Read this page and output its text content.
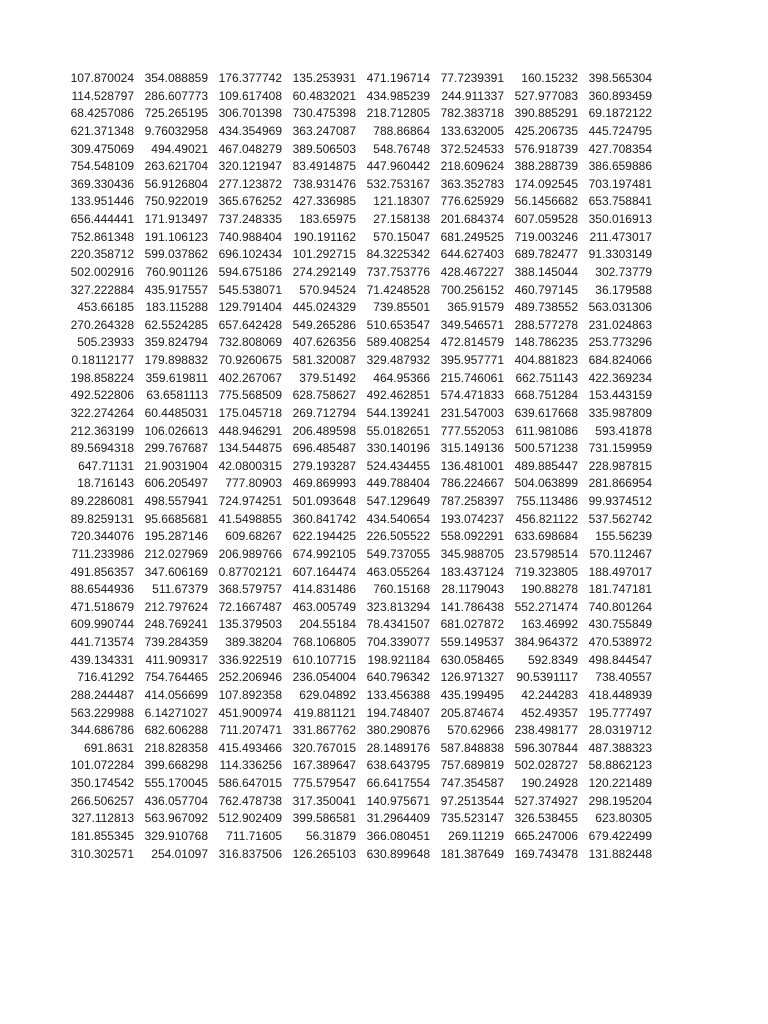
107.870024	354.088859	176.377742	135.253931	471.196714	77.7239391	160.15232	398.565304
114.528797	286.607773	109.617408	60.4832021	434.985239	244.911337	527.977083	360.893459
68.4257086	725.265195	306.701398	730.475398	218.712805	782.383718	390.885291	69.1872122
621.371348	9.76032958	434.354969	363.247087	788.86864	133.632005	425.206735	445.724795
309.475069	494.49021	467.048279	389.506503	548.76748	372.524533	576.918739	427.708354
754.548109	263.621704	320.121947	83.4914875	447.960442	218.609624	388.288739	386.659886
369.330436	56.9126804	277.123872	738.931476	532.753167	363.352783	174.092545	703.197481
133.951446	750.922019	365.676252	427.336985	121.18307	776.625929	56.1456682	653.758841
656.444441	171.913497	737.248335	183.65975	27.158138	201.684374	607.059528	350.016913
752.861348	191.106123	740.988404	190.191162	570.15047	681.249525	719.003246	211.473017
220.358712	599.037862	696.102434	101.292715	84.3225342	644.627403	689.782477	91.3303149
502.002916	760.901126	594.675186	274.292149	737.753776	428.467227	388.145044	302.73779
327.222884	435.917557	545.538071	570.94524	71.4248528	700.256152	460.797145	36.179588
453.66185	183.115288	129.791404	445.024329	739.85501	365.91579	489.738552	563.031306
270.264328	62.5524285	657.642428	549.265286	510.653547	349.546571	288.577278	231.024863
505.23933	359.824794	732.808069	407.626356	589.408254	472.814579	148.786235	253.773296
0.18112177	179.898832	70.9260675	581.320087	329.487932	395.957771	404.881823	684.824066
198.858224	359.619811	402.267067	379.51492	464.95366	215.746061	662.751143	422.369234
492.522806	63.6581113	775.568509	628.758627	492.462851	574.471833	668.751284	153.443159
322.274264	60.4485031	175.045718	269.712794	544.139241	231.547003	639.617668	335.987809
212.363199	106.026613	448.946291	206.489598	55.0182651	777.552053	611.981086	593.41878
89.5694318	299.767687	134.544875	696.485487	330.140196	315.149136	500.571238	731.159959
647.71131	21.9031904	42.0800315	279.193287	524.434455	136.481001	489.885447	228.987815
18.716143	606.205497	777.80903	469.869993	449.788404	786.224667	504.063899	281.866954
89.2286081	498.557941	724.974251	501.093648	547.129649	787.258397	755.113486	99.9374512
89.8259131	95.6685681	41.5498855	360.841742	434.540654	193.074237	456.821122	537.562742
720.344076	195.287146	609.68267	622.194425	226.505522	558.092291	633.698684	155.56239
711.233986	212.027969	206.989766	674.992105	549.737055	345.988705	23.5798514	570.112467
491.856357	347.606169	0.87702121	607.164474	463.055264	183.437124	719.323805	188.497017
88.6544936	511.67379	368.579757	414.831486	760.15168	28.1179043	190.88278	181.747181
471.518679	212.797624	72.1667487	463.005749	323.813294	141.786438	552.271474	740.801264
609.990744	248.769241	135.379503	204.55184	78.4341507	681.027872	163.46992	430.755849
441.713574	739.284359	389.38204	768.106805	704.339077	559.149537	384.964372	470.538972
439.134331	411.909317	336.922519	610.107715	198.921184	630.058465	592.8349	498.844547
716.41292	754.764465	252.206946	236.054004	640.796342	126.971327	90.5391117	738.40557
288.244487	414.056699	107.892358	629.04892	133.456388	435.199495	42.244283	418.448939
563.229988	6.14271027	451.900974	419.881121	194.748407	205.874674	452.49357	195.777497
344.686786	682.606288	711.207471	331.867762	380.290876	570.62966	238.498177	28.0319712
691.8631	218.828358	415.493466	320.767015	28.1489176	587.848838	596.307844	487.388323
101.072284	399.668298	114.336256	167.389647	638.643795	757.689819	502.028727	58.8862123
350.174542	555.170045	586.647015	775.579547	66.6417554	747.354587	190.24928	120.221489
266.506257	436.057704	762.478738	317.350041	140.975671	97.2513544	527.374927	298.195204
327.112813	563.967092	512.902409	399.586581	31.2964409	735.523147	326.538455	623.80305
181.855345	329.910768	711.71605	56.31879	366.080451	269.11219	665.247006	679.422499
310.302571	254.01097	316.837506	126.265103	630.899648	181.387649	169.743478	131.882448
